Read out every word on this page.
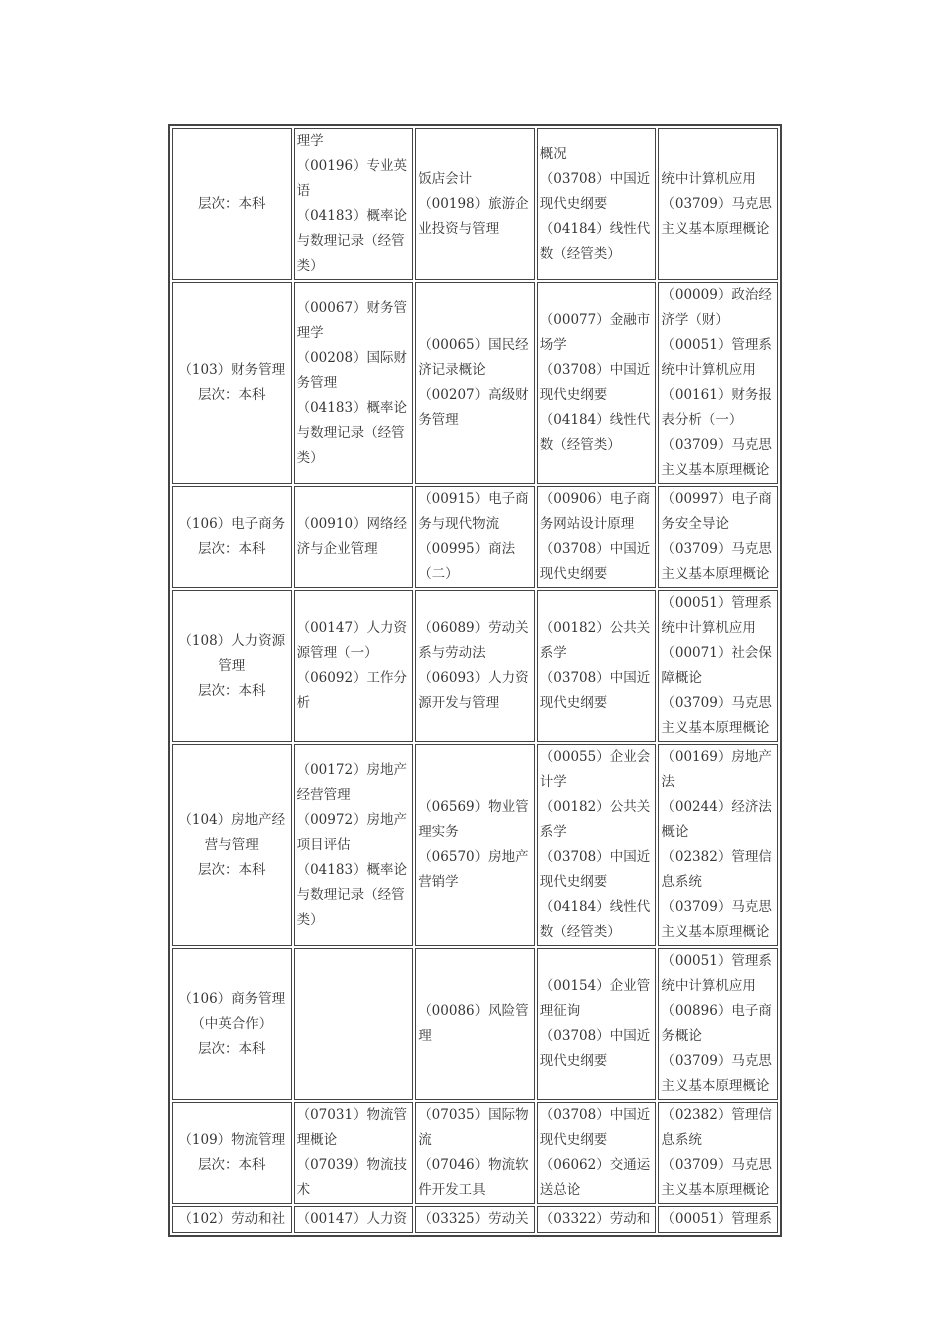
层次：本科	理学
（00196）专业英语
（04183）概率论与数理记录（经管类）	饭店会计
（00198）旅游企业投资与管理	概况
（03708）中国近现代史纲要
（04184）线性代数（经管类）	统中计算机应用
（03709）马克思主义基本原理概论

（103）财务管理
层次：本科	（00067）财务管理学
（00208）国际财务管理
（04183）概率论与数理记录（经管类）	（00065）国民经济记录概论
（00207）高级财务管理	（00077）金融市场学
（03708）中国近现代史纲要
（04184）线性代数（经管类）	（00009）政治经济学（财）
（00051）管理系统中计算机应用
（00161）财务报表分析（一）
（03709）马克思主义基本原理概论

（106）电子商务
层次：本科	（00910）网络经济与企业管理	（00915）电子商务与现代物流
（00995）商法（二）	（00906）电子商务网站设计原理
（03708）中国近现代史纲要	（00997）电子商务安全导论
（03709）马克思主义基本原理概论

（108）人力资源管理
层次：本科	（00147）人力资源管理（一）
（06092）工作分析	（06089）劳动关系与劳动法
（06093）人力资源开发与管理	（00182）公共关系学
（03708）中国近现代史纲要	（00051）管理系统中计算机应用
（00071）社会保障概论
（03709）马克思主义基本原理概论

（104）房地产经营与管理
层次：本科	（00172）房地产经营管理
（00972）房地产项目评估
（04183）概率论与数理记录（经管类）	（06569）物业管理实务
（06570）房地产营销学	（00055）企业会计学
（00182）公共关系学
（03708）中国近现代史纲要
（04184）线性代数（经管类）	（00169）房地产法
（00244）经济法概论
（02382）管理信息系统
（03709）马克思主义基本原理概论

（106）商务管理
（中英合作）
层次：本科		（00086）风险管理	（00154）企业管理征询
（03708）中国近现代史纲要	（00051）管理系统中计算机应用
（00896）电子商务概论
（03709）马克思主义基本原理概论

（109）物流管理
层次：本科	（07031）物流管理概论
（07039）物流技术	（07035）国际物流
（07046）物流软件开发工具	（03708）中国近现代史纲要
（06062）交通运送总论	（02382）管理信息系统
（03709）马克思主义基本原理概论

（102）劳动和社	（00147）人力资	（03325）劳动关	（03322）劳动和	（00051）管理系
